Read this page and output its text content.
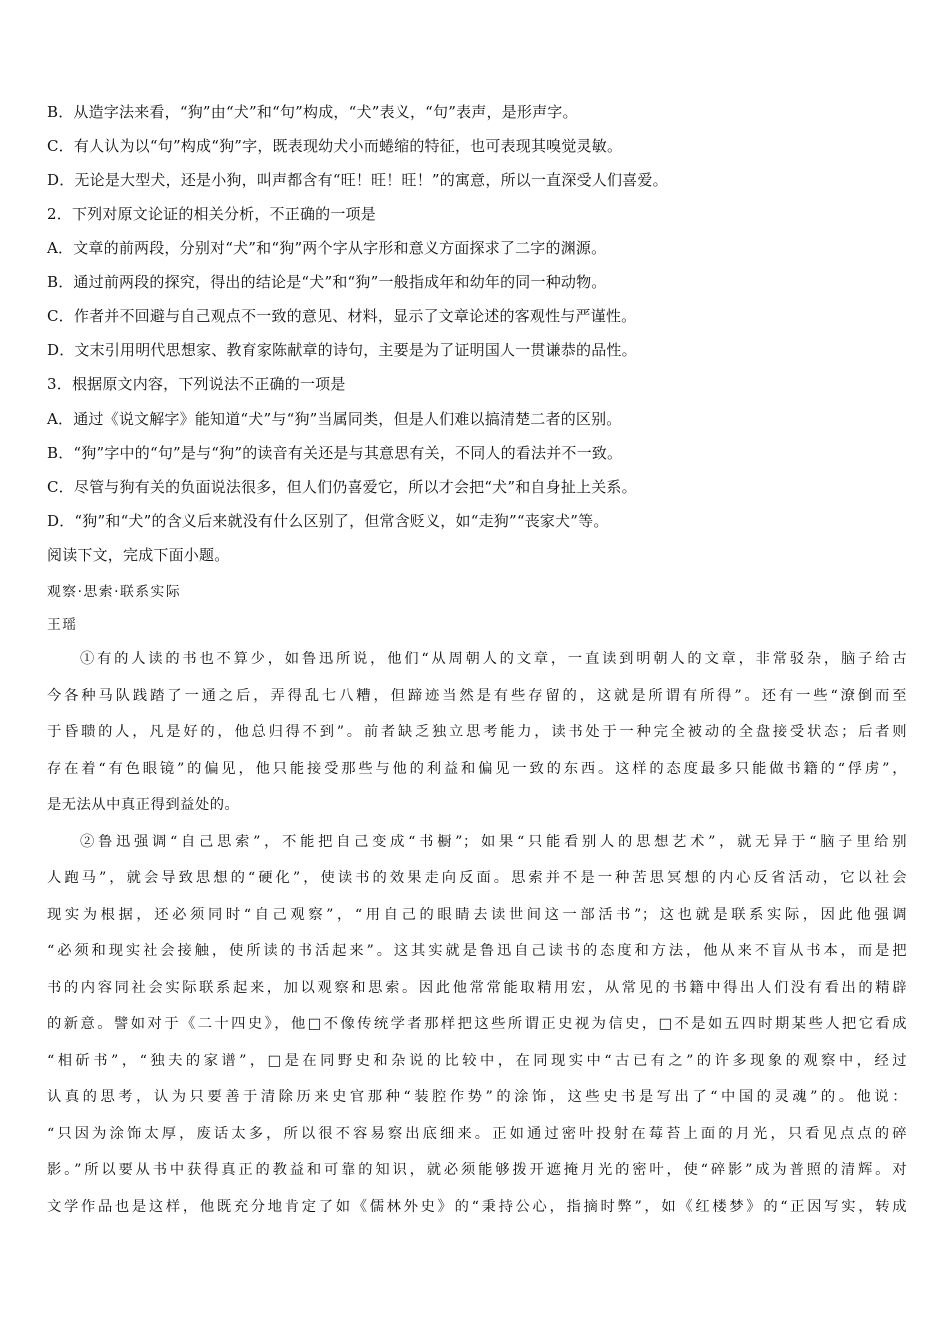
B．从造字法来看，“狗”由“犬”和“句”构成，“犬”表义，“句”表声，是形声字。
C．有人认为以“句”构成“狗”字，既表现幼犬小而蜷缩的特征，也可表现其嗅觉灵敏。
D．无论是大型犬，还是小狗，叫声都含有“旺！旺！旺！”的寓意，所以一直深受人们喜爱。
2．下列对原文论证的相关分析，不正确的一项是
A．文章的前两段，分别对“犬”和“狗”两个字从字形和意义方面探求了二字的渊源。
B．通过前两段的探究，得出的结论是“犬”和“狗”一般指成年和幼年的同一种动物。
C．作者并不回避与自己观点不一致的意见、材料，显示了文章论述的客观性与严谨性。
D．文末引用明代思想家、教育家陈献章的诗句，主要是为了证明国人一贯谦恭的品性。
3．根据原文内容，下列说法不正确的一项是
A．通过《说文解字》能知道“犬”与“狗”当属同类，但是人们难以搞清楚二者的区别。
B．“狗”字中的“句”是与“狗”的读音有关还是与其意思有关，不同人的看法并不一致。
C．尽管与狗有关的负面说法很多，但人们仍喜爱它，所以才会把“犬”和自身扯上关系。
D．“狗”和“犬”的含义后来就没有什么区别了，但常含贬义，如“走狗”“丧家犬”等。
阅读下文，完成下面小题。
观察·思索·联系实际
王瑶
①有的人读的书也不算少，如鲁迅所说，他们“从周朝人的文章，一直读到明朝人的文章，非常驳杂，脑子给古
今各种马队践踏了一通之后，弄得乱七八糟，但蹄迹当然是有些存留的，这就是所谓有所得”。还有一些“潦倒而至
于昏聩的人，凡是好的，他总归得不到”。前者缺乏独立思考能力，读书处于一种完全被动的全盘接受状态；后者则
存在着“有色眼镜”的偏见，他只能接受那些与他的利益和偏见一致的东西。这样的态度最多只能做书籍的“俘虏”，
是无法从中真正得到益处的。
②鲁迅强调“自己思索”，不能把自己变成“书橱”；如果“只能看别人的思想艺术”，就无异于“脑子里给别
人跑马”，就会导致思想的“硬化”，使读书的效果走向反面。思索并不是一种苦思冥想的内心反省活动，它以社会
现实为根据，还必须同时“自己观察”，“用自己的眼睛去读世间这一部活书”；这也就是联系实际，因此他强调
“必须和现实社会接触，使所读的书活起来”。这其实就是鲁迅自己读书的态度和方法，他从来不盲从书本，而是把
书的内容同社会实际联系起来，加以观察和思索。因此他常常能取精用宏，从常见的书籍中得出人们没有看出的精辟
的新意。譬如对于《二十四史》，他□不像传统学者那样把这些所谓正史视为信史，□不是如五四时期某些人把它看成
“相斫书”，“独夫的家谱”，□是在同野史和杂说的比较中，在同现实中“古已有之”的许多现象的观察中，经过
认真的思考，认为只要善于清除历来史官那种“装腔作势”的涂饰，这些史书是写出了“中国的灵魂”的。他说：
“只因为涂饰太厚，废话太多，所以很不容易察出底细来。正如通过密叶投射在莓苔上面的月光，只看见点点的碎
影。”所以要从书中获得真正的教益和可靠的知识，就必须能够拨开遮掩月光的密叶，使“碎影”成为普照的清辉。对
文学作品也是这样，他既充分地肯定了如《儒林外史》的“秉持公心，指摘时弊”，如《红楼梦》的“正因写实，转成
